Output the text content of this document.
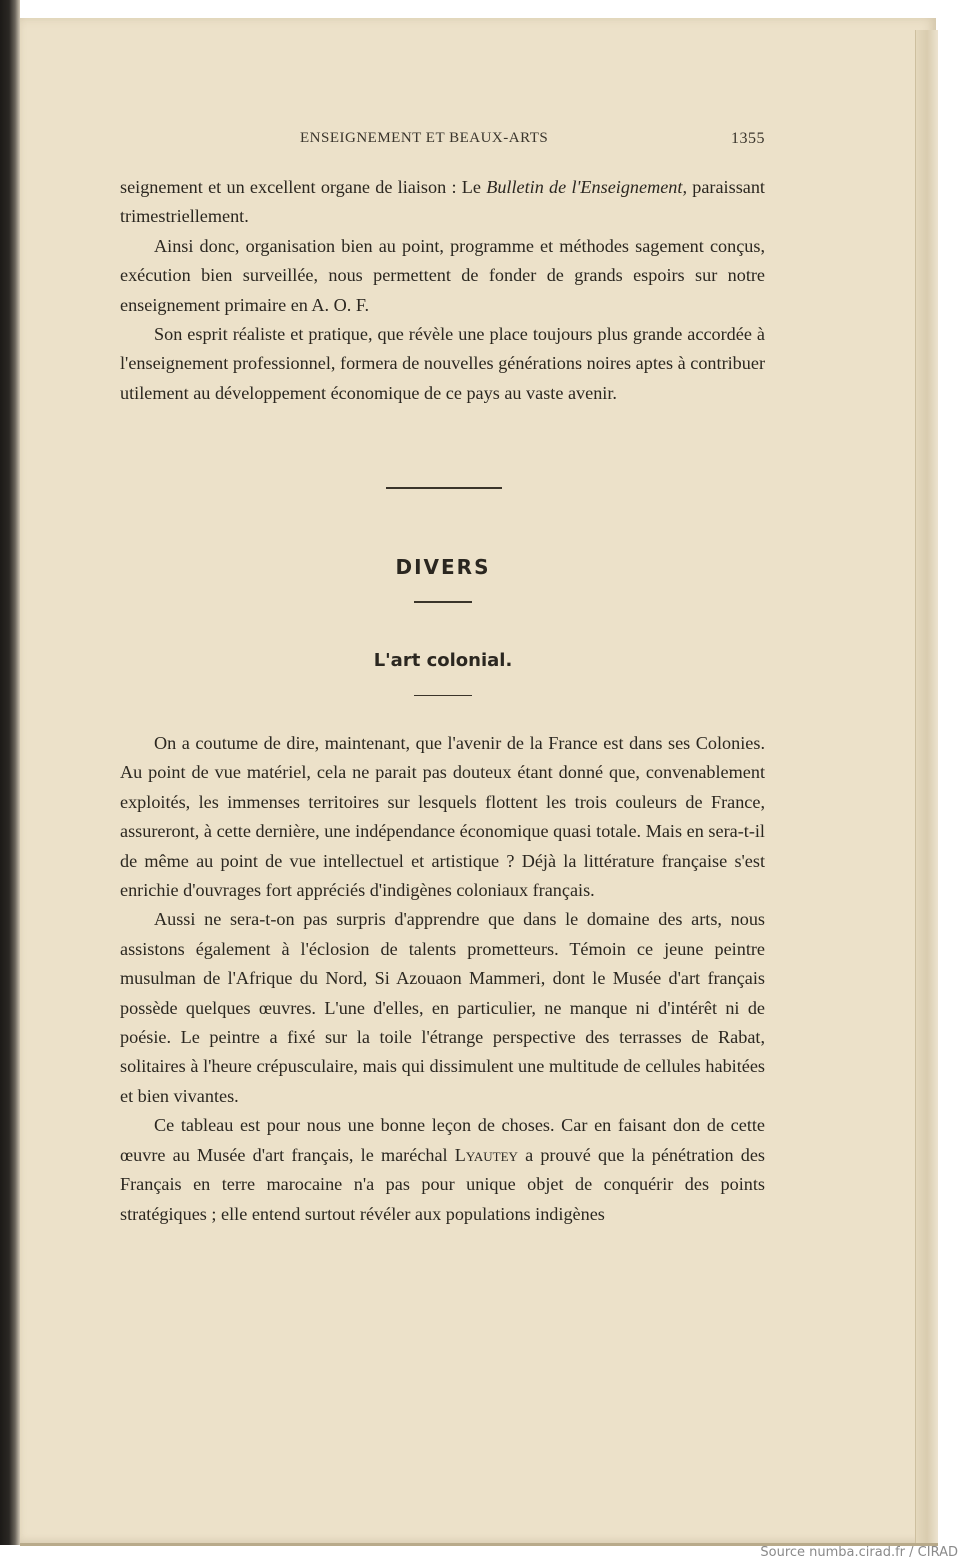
ENSEIGNEMENT ET BEAUX-ARTS	1355

seignement et un excellent organe de liaison : Le Bulletin de l'Enseignement, paraissant trimestriellement.

Ainsi donc, organisation bien au point, programme et méthodes sagement conçus, exécution bien surveillée, nous permettent de fonder de grands espoirs sur notre enseignement primaire en A. O. F.

Son esprit réaliste et pratique, que révèle une place toujours plus grande accordée à l'enseignement professionnel, formera de nouvelles générations noires aptes à contribuer utilement au développement économique de ce pays au vaste avenir.

DIVERS
L'art colonial.

On a coutume de dire, maintenant, que l'avenir de la France est dans ses Colonies. Au point de vue matériel, cela ne parait pas douteux étant donné que, convenablement exploités, les immenses territoires sur lesquels flottent les trois couleurs de France, assureront, à cette dernière, une indépendance économique quasi totale. Mais en sera-t-il de même au point de vue intellectuel et artistique ? Déjà la littérature française s'est enrichie d'ouvrages fort appréciés d'indigènes coloniaux français.

Aussi ne sera-t-on pas surpris d'apprendre que dans le domaine des arts, nous assistons également à l'éclosion de talents prometteurs. Témoin ce jeune peintre musulman de l'Afrique du Nord, Si Azouaon Mammeri, dont le Musée d'art français possède quelques œuvres. L'une d'elles, en particulier, ne manque ni d'intérêt ni de poésie. Le peintre a fixé sur la toile l'étrange perspective des terrasses de Rabat, solitaires à l'heure crépusculaire, mais qui dissimulent une multitude de cellules habitées et bien vivantes.

Ce tableau est pour nous une bonne leçon de choses. Car en faisant don de cette œuvre au Musée d'art français, le maréchal Lyautey a prouvé que la pénétration des Français en terre marocaine n'a pas pour unique objet de conquérir des points stratégiques ; elle entend surtout révéler aux populations indigènes

Source numba.cirad.fr / CIRAD
